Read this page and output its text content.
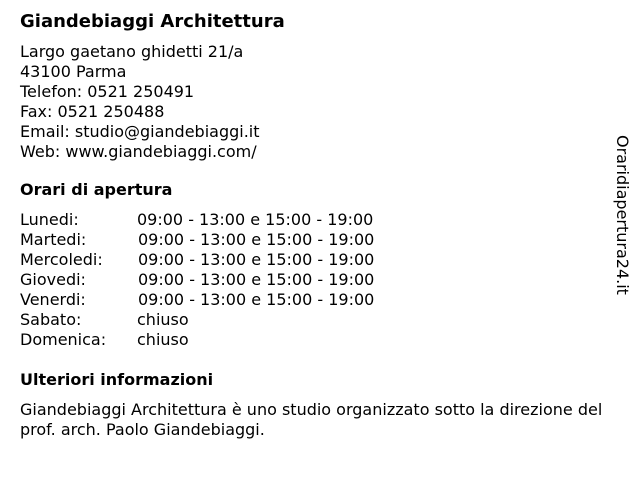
Giandebiaggi Architettura
Largo gaetano ghidetti 21/a
43100 Parma
Telefon: 0521 250491
Fax: 0521 250488
Email: studio@giandebiaggi.it
Web: www.giandebiaggi.com/
Orari di apertura
Lunedi:	09:00 - 13:00 e 15:00 - 19:00
Martedi:	09:00 - 13:00 e 15:00 - 19:00
Mercoledi: 09:00 - 13:00 e 15:00 - 19:00
Giovedi:	09:00 - 13:00 e 15:00 - 19:00
Venerdi:	09:00 - 13:00 e 15:00 - 19:00
Sabato:	chiuso
Domenica: chiuso
Ulteriori informazioni
Giandebiaggi Architettura è uno studio organizzato sotto la direzione del prof. arch. Paolo Giandebiaggi.
Oraridiapertura24.it
